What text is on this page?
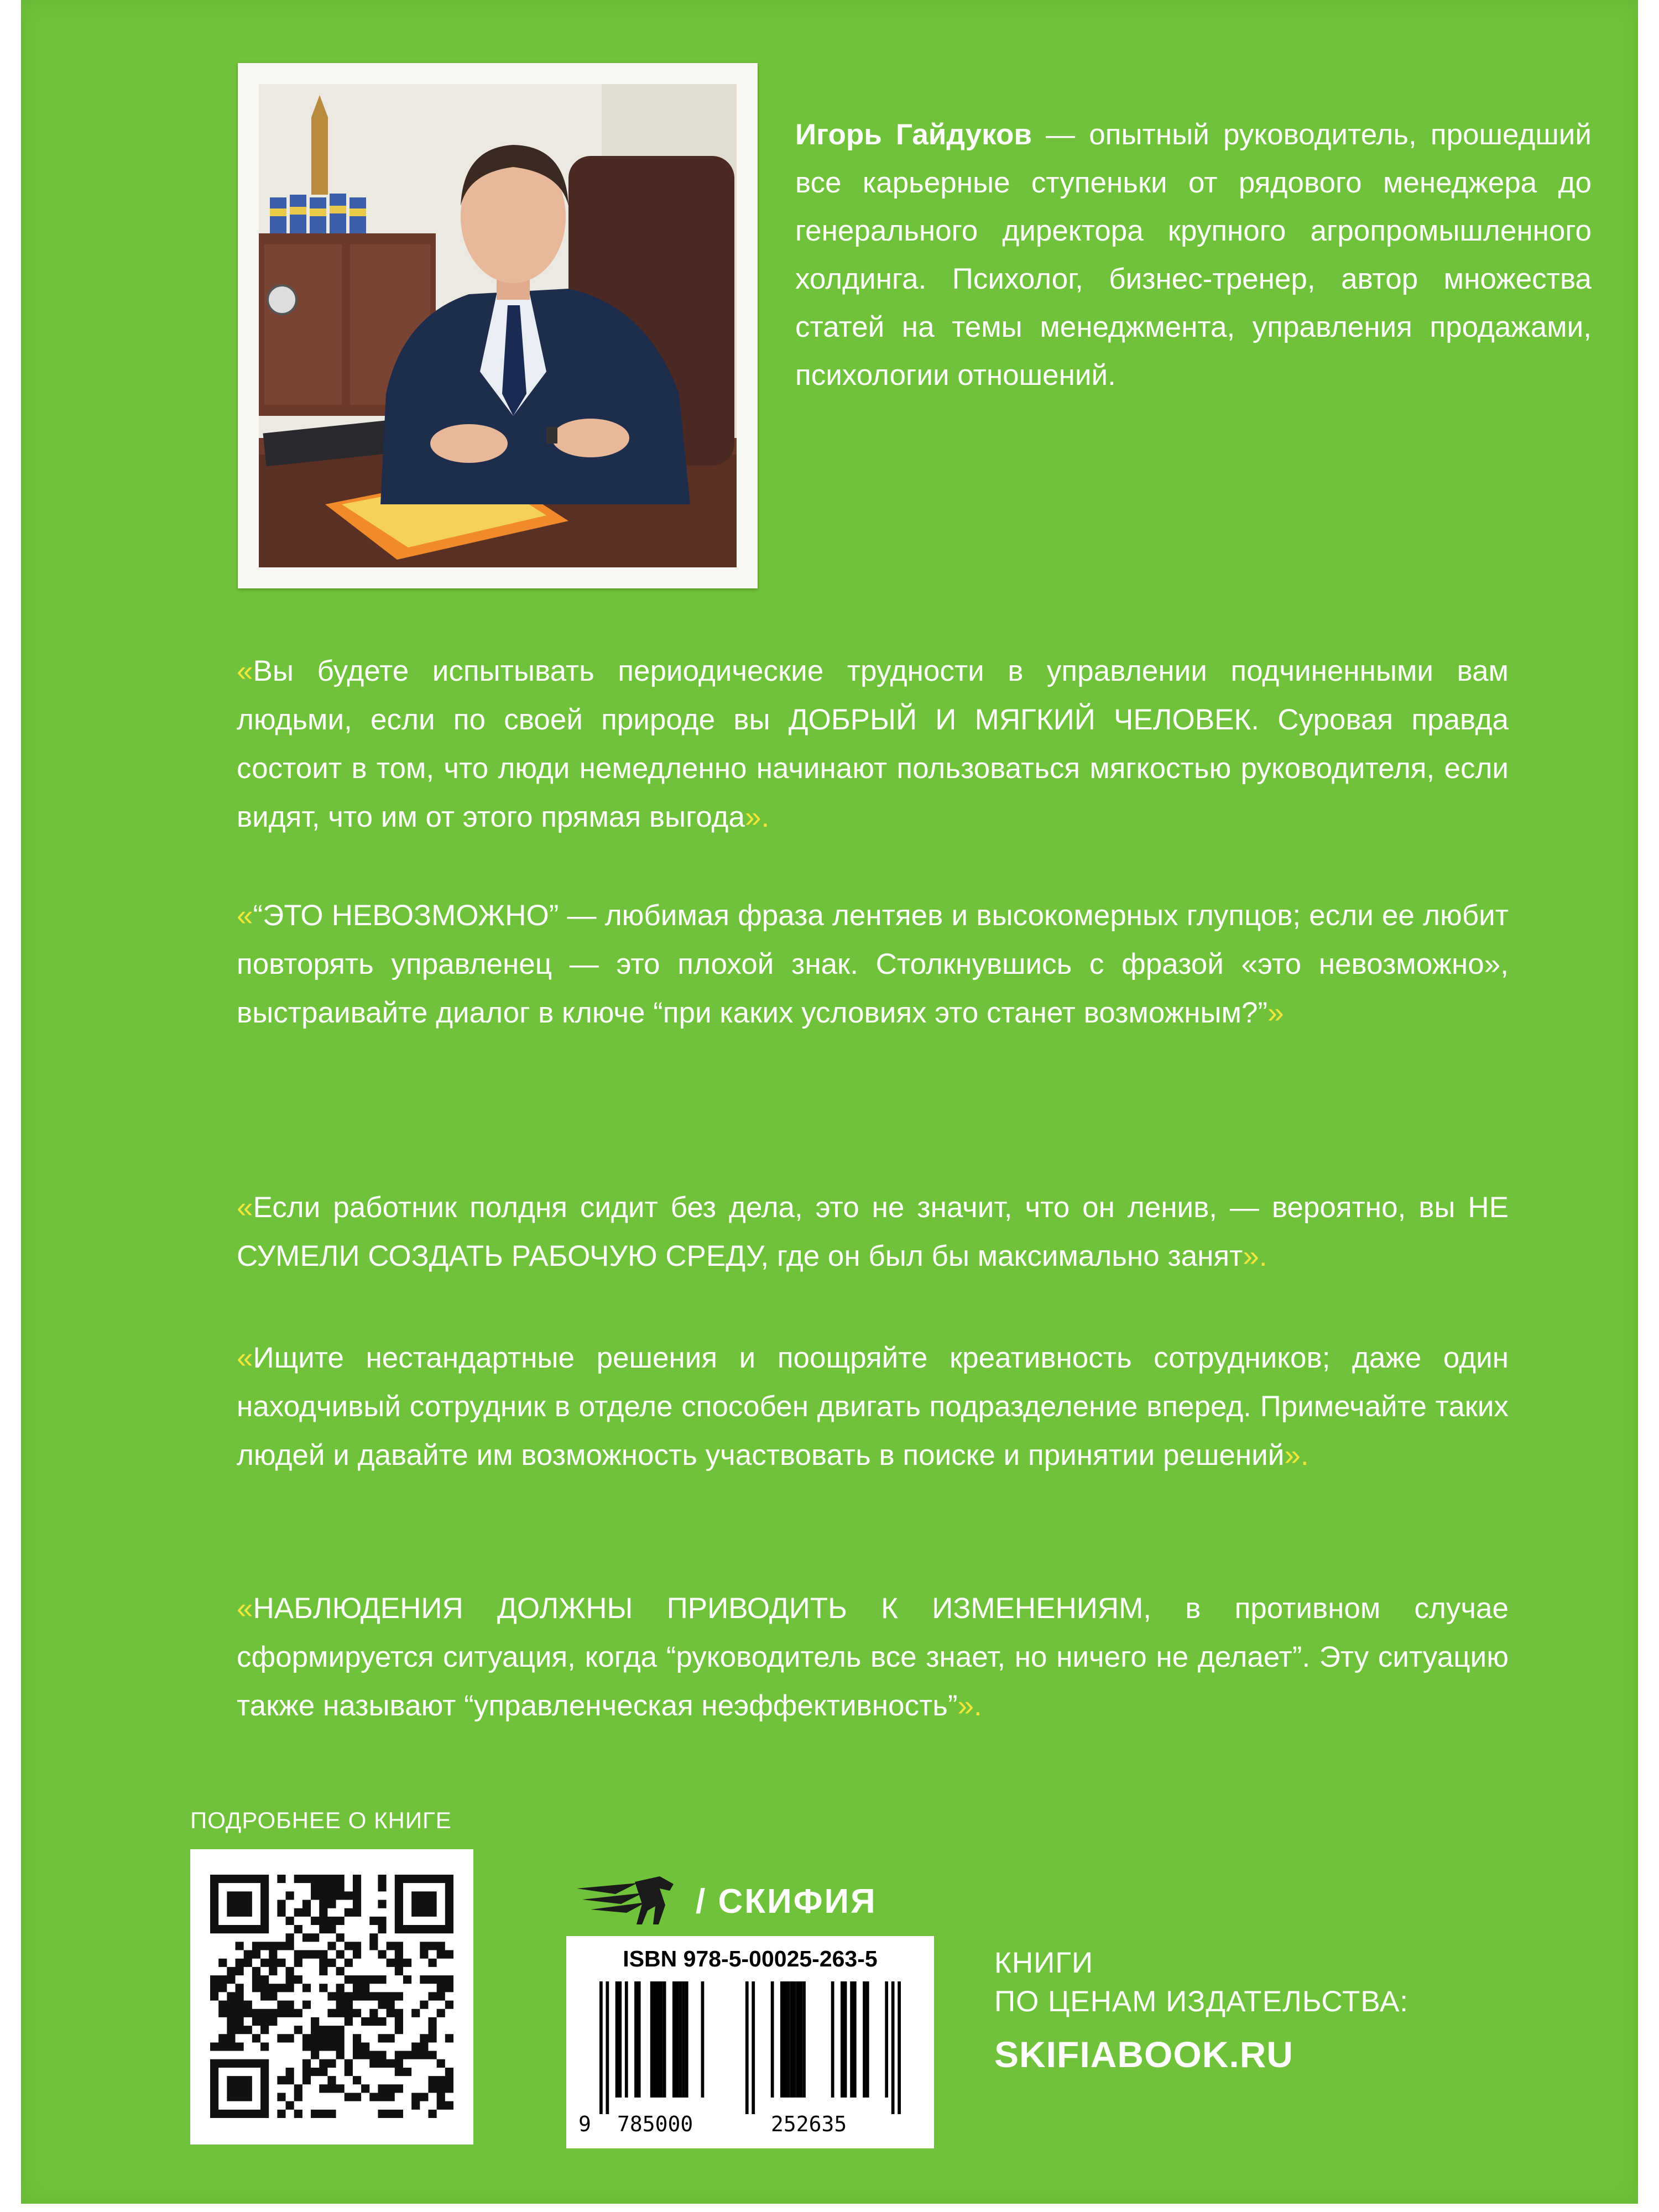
Игорь Гайдуков — опытный руководитель, прошедший все карьерные ступеньки от рядового менеджера до генерального директора крупного агропромышленного холдинга. Психолог, бизнес-тренер, автор множества статей на темы менеджмента, управления продажами, психологии отношений.
«Вы будете испытывать периодические трудности в управлении подчиненными вам людьми, если по своей природе вы ДОБРЫЙ И МЯГКИЙ ЧЕЛОВЕК. Суровая правда состоит в том, что люди немедленно начинают пользоваться мягкостью руководителя, если видят, что им от этого прямая выгода».
«“ЭТО НЕВОЗМОЖНО” — любимая фраза лентяев и высокомерных глупцов; если ее любит повторять управленец — это плохой знак. Столкнувшись с фразой «это невозможно», выстраивайте диалог в ключе “при каких условиях это станет возможным?”»
«Если работник полдня сидит без дела, это не значит, что он ленив, — вероятно, вы НЕ СУМЕЛИ СОЗДАТЬ РАБОЧУЮ СРЕДУ, где он был бы максимально занят».
«Ищите нестандартные решения и поощряйте креативность сотрудников; даже один находчивый сотрудник в отделе способен двигать подразделение вперед. Примечайте таких людей и давайте им возможность участвовать в поиске и принятии решений».
«НАБЛЮДЕНИЯ ДОЛЖНЫ ПРИВОДИТЬ К ИЗМЕНЕНИЯМ, в противном случае сформируется ситуация, когда “руководитель все знает, но ничего не делает”. Эту ситуацию также называют “управленческая неэффективность”».
ПОДРОБНЕЕ О КНИГЕ
/ СКИФИЯ
ISBN 978-5-00025-263-5
9 785000	252635
КНИГИ
ПО ЦЕНАМ ИЗДАТЕЛЬСТВА:
SKIFIABOOK.RU
